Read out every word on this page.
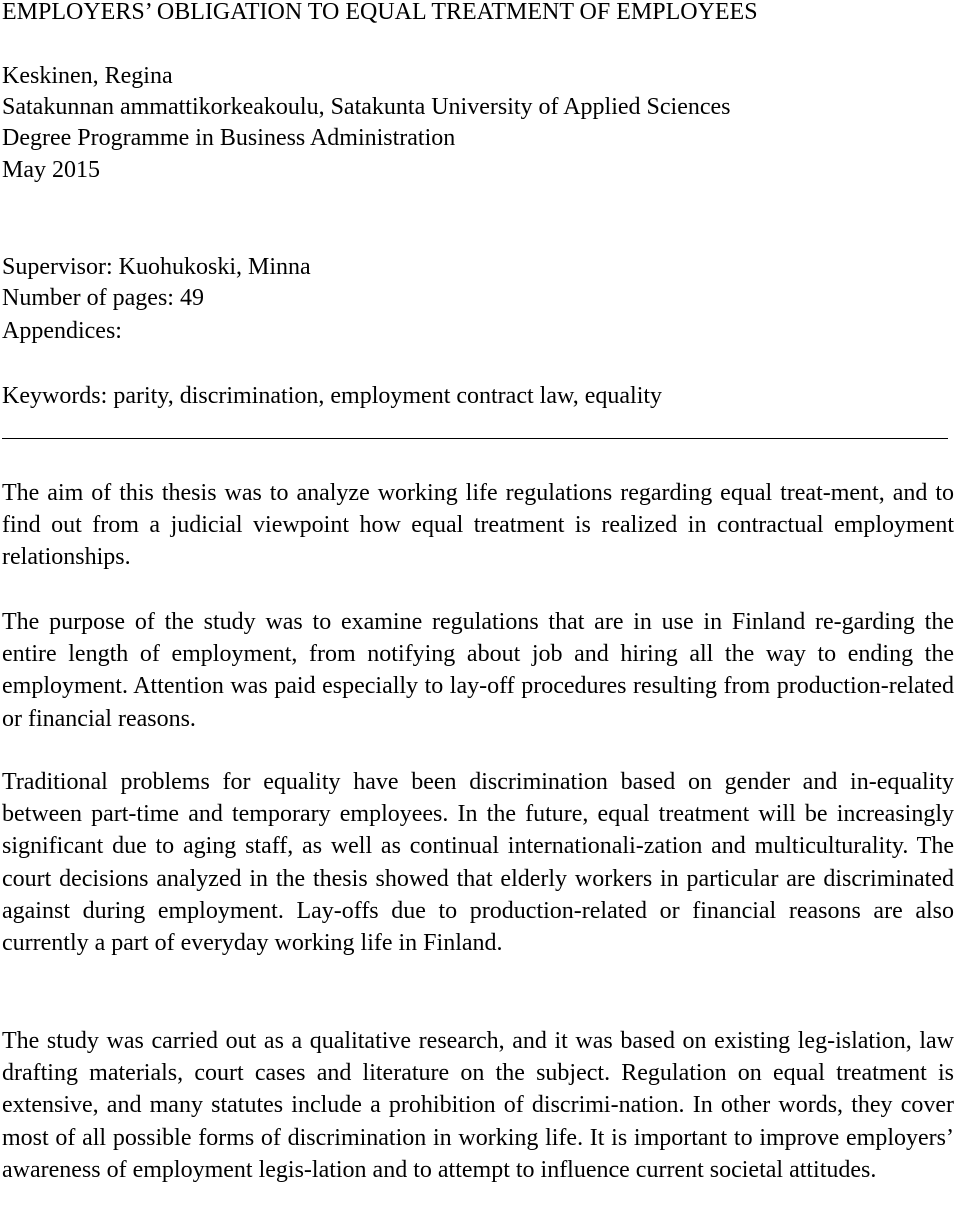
EMPLOYERS’ OBLIGATION TO EQUAL TREATMENT OF EMPLOYEES

Keskinen, Regina

Satakunnan ammattikorkeakoulu, Satakunta University of Applied Sciences

Degree Programme in Business Administration

May 2015

Supervisor: Kuohukoski, Minna

Number of pages: 49

Appendices:

Keywords: parity, discrimination, employment contract law, equality

The aim of this thesis was to analyze working life regulations regarding equal treat-ment, and to find out from a judicial viewpoint how equal treatment is realized in contractual employment relationships.

The purpose of the study was to examine regulations that are in use in Finland re-garding the entire length of employment, from notifying about job and hiring all the way to ending the employment. Attention was paid especially to lay-off procedures resulting from production-related or financial reasons.

Traditional problems for equality have been discrimination based on gender and in-equality between part-time and temporary employees. In the future, equal treatment will be increasingly significant due to aging staff, as well as continual internationali-zation and multiculturality. The court decisions analyzed in the thesis showed that elderly workers in particular are discriminated against during employment. Lay-offs due to production-related or financial reasons are also currently a part of everyday working life in Finland.

The study was carried out as a qualitative research, and it was based on existing leg-islation, law drafting materials, court cases and literature on the subject. Regulation on equal treatment is extensive, and many statutes include a prohibition of discrimi-nation. In other words, they cover most of all possible forms of discrimination in working life. It is important to improve employers’ awareness of employment legis-lation and to attempt to influence current societal attitudes.
